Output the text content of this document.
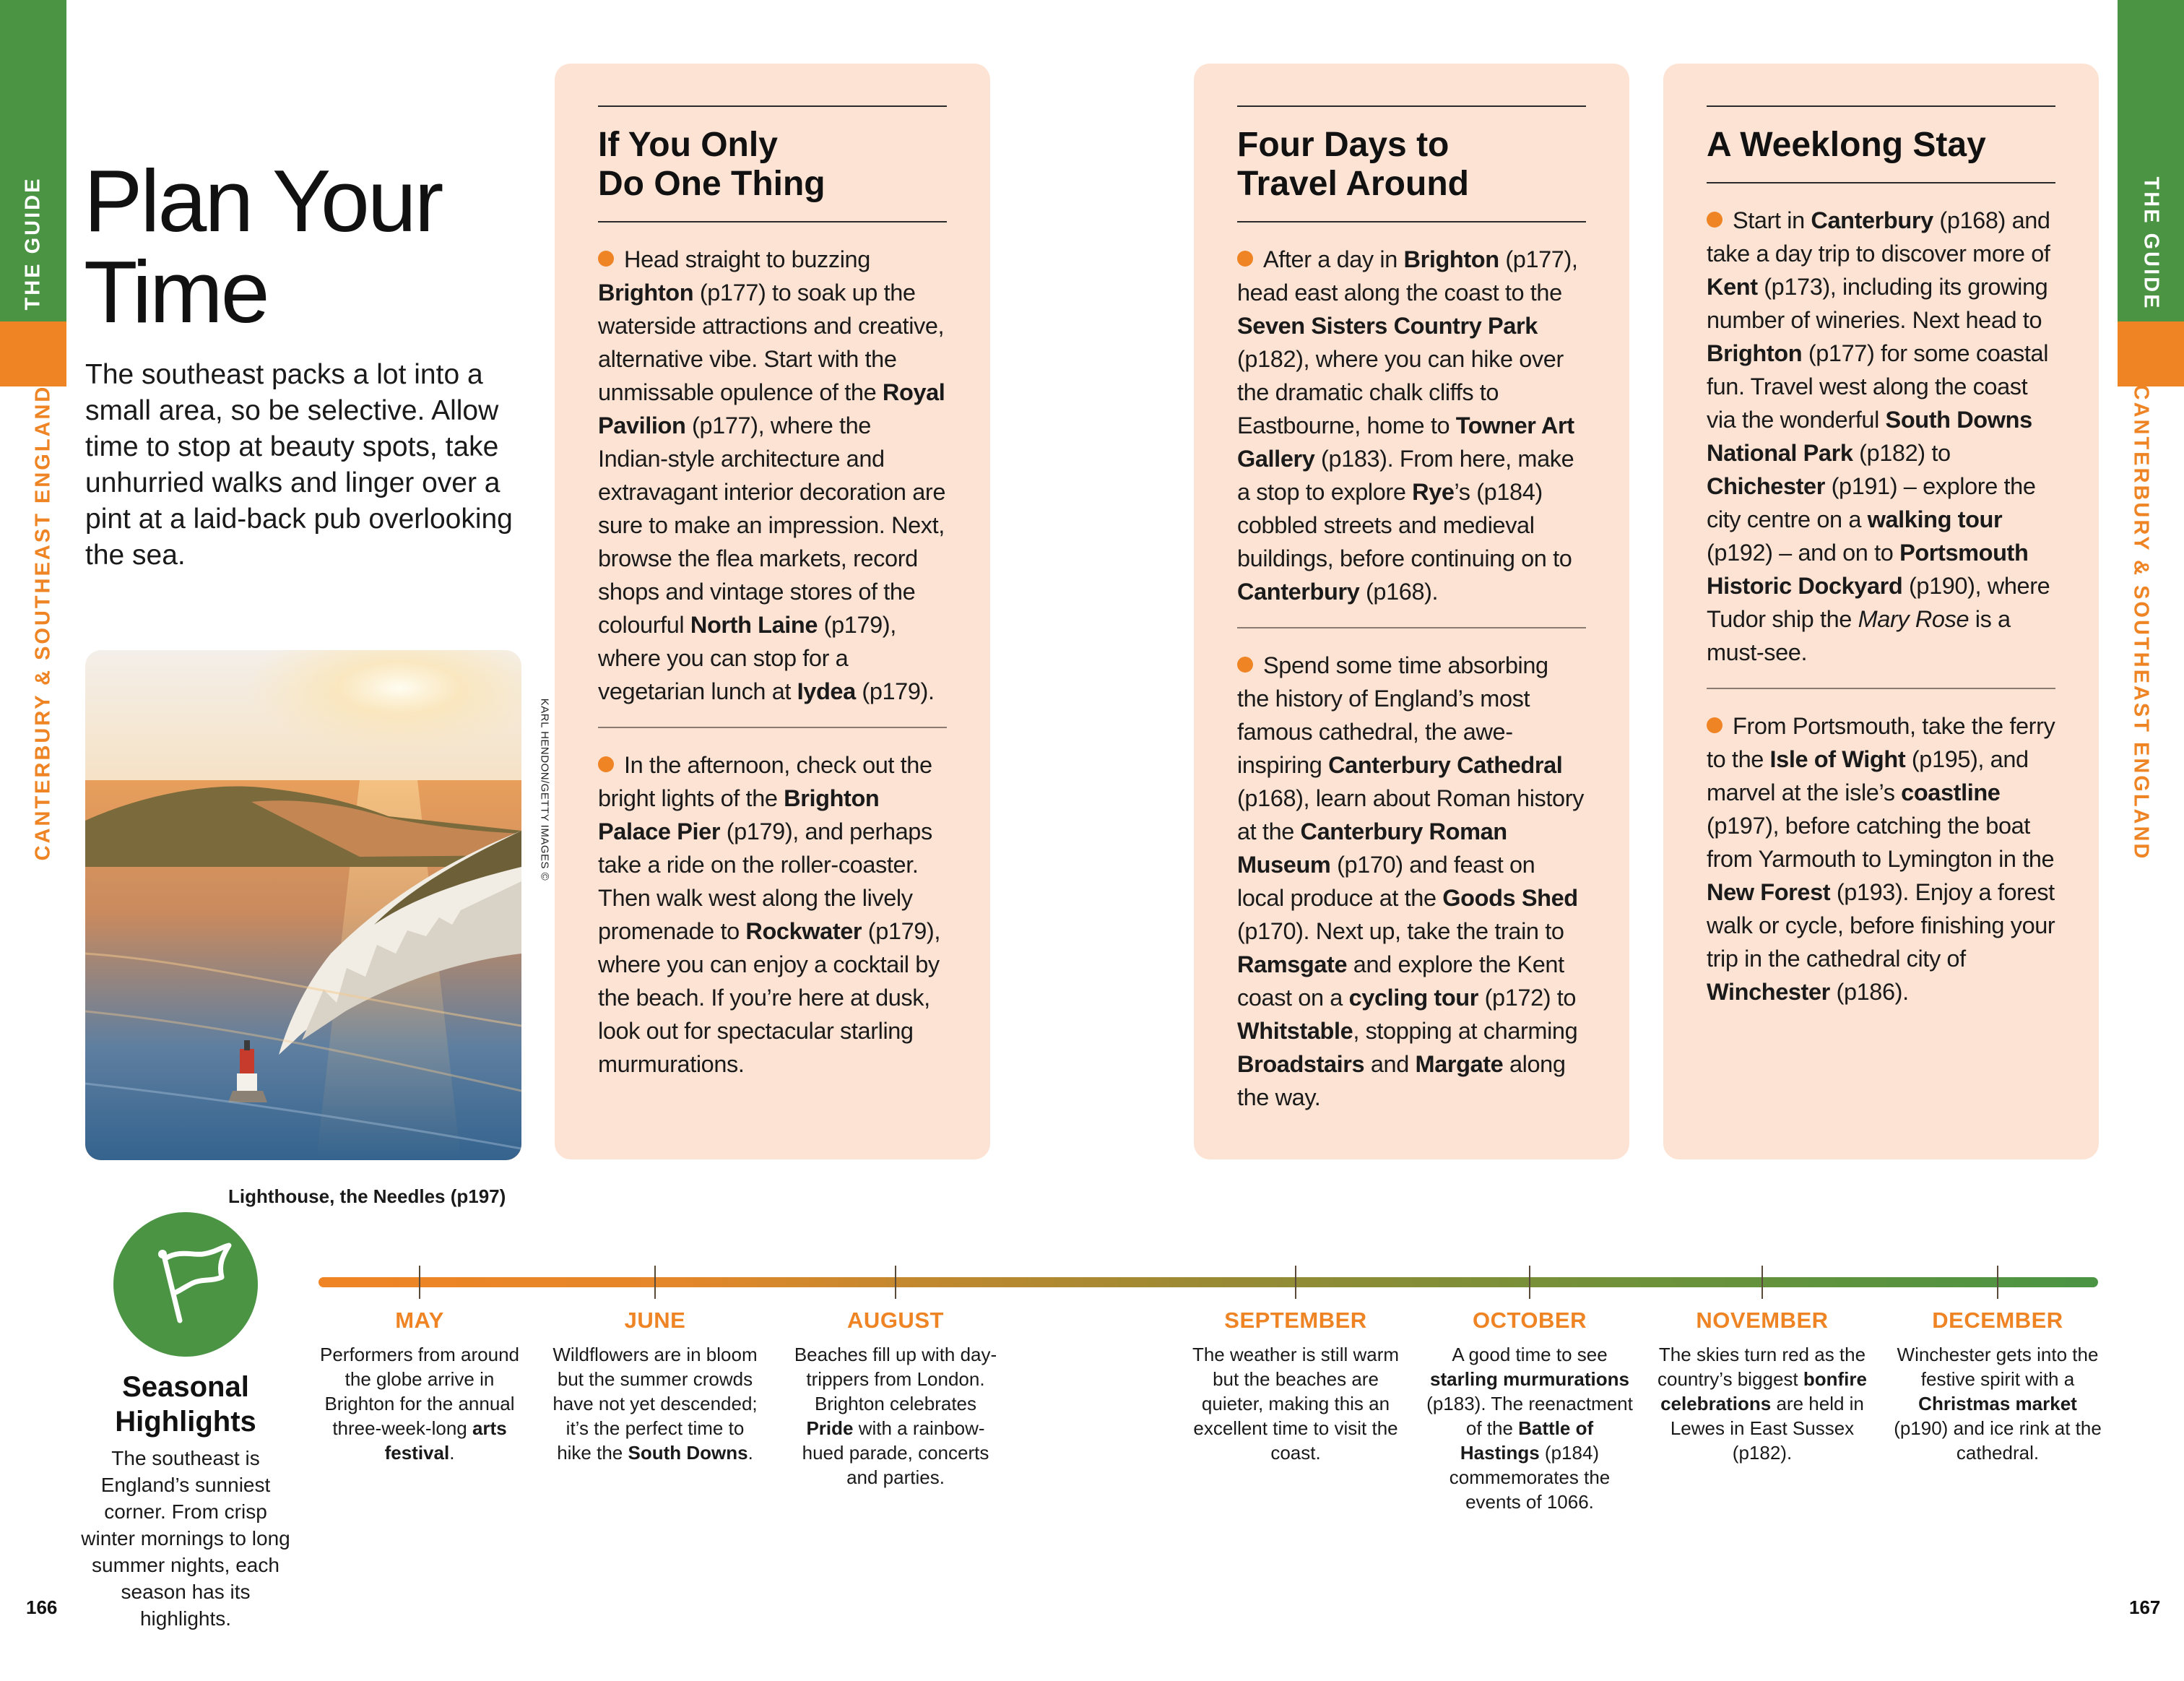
THE GUIDE
CANTERBURY & SOUTHEAST ENGLAND
THE GUIDE
CANTERBURY & SOUTHEAST ENGLAND
Plan Your
Time

The southeast packs a lot into a small area, so be selective. Allow time to stop at beauty spots, take unhurried walks and linger over a pint at a laid-back pub overlooking the sea.

KARL HENDON/GETTY IMAGES ©
Lighthouse, the Needles (p197)
If You Only
Do One Thing
Head straight to buzzing Brighton (p177) to soak up the waterside attractions and creative, alternative vibe. Start with the unmissable opulence of the Royal Pavilion (p177), where the Indian-style architecture and extravagant interior decoration are sure to make an impression. Next, browse the flea markets, record shops and vintage stores of the colourful North Laine (p179), where you can stop for a vegetarian lunch at Iydea (p179).
In the afternoon, check out the bright lights of the Brighton Palace Pier (p179), and perhaps take a ride on the roller-coaster. Then walk west along the lively promenade to Rockwater (p179), where you can enjoy a cocktail by the beach. If you’re here at dusk, look out for spectacular starling murmurations.
Four Days to
Travel Around
After a day in Brighton (p177), head east along the coast to the Seven Sisters Country Park (p182), where you can hike over the dramatic chalk cliffs to Eastbourne, home to Towner Art Gallery (p183). From here, make a stop to explore Rye’s (p184) cobbled streets and medieval buildings, before continuing on to Canterbury (p168).
Spend some time absorbing the history of England’s most famous cathedral, the awe-inspiring Canterbury Cathedral (p168), learn about Roman history at the Canterbury Roman Museum (p170) and feast on local produce at the Goods Shed (p170). Next up, take the train to Ramsgate and explore the Kent coast on a cycling tour (p172) to Whitstable, stopping at charming Broadstairs and Margate along the way.
A Weeklong Stay
Start in Canterbury (p168) and take a day trip to discover more of Kent (p173), including its growing number of wineries. Next head to Brighton (p177) for some coastal fun. Travel west along the coast via the wonderful South Downs National Park (p182) to Chichester (p191) – explore the city centre on a walking tour (p192) – and on to Portsmouth Historic Dockyard (p190), where Tudor ship the Mary Rose is a must-see.
From Portsmouth, take the ferry to the Isle of Wight (p195), and marvel at the isle’s coastline (p197), before catching the boat from Yarmouth to Lymington in the New Forest (p193). Enjoy a forest walk or cycle, before finishing your trip in the cathedral city of Winchester (p186).
Seasonal
Highlights
The southeast is England’s sunniest corner. From crisp winter mornings to long summer nights, each season has its highlights.
MAY
Performers from around the globe arrive in Brighton for the annual three-week-long arts festival.
JUNE
Wildflowers are in bloom but the summer crowds have not yet descended; it’s the perfect time to hike the South Downs.
AUGUST
Beaches fill up with day-trippers from London. Brighton celebrates Pride with a rainbow-hued parade, concerts and parties.
SEPTEMBER
The weather is still warm but the beaches are quieter, making this an excellent time to visit the coast.
OCTOBER
A good time to see starling murmurations (p183). The reenactment of the Battle of Hastings (p184) commemorates the events of 1066.
NOVEMBER
The skies turn red as the country’s biggest bonfire celebrations are held in Lewes in East Sussex (p182).
DECEMBER
Winchester gets into the festive spirit with a Christmas market (p190) and ice rink at the cathedral.
166	167
